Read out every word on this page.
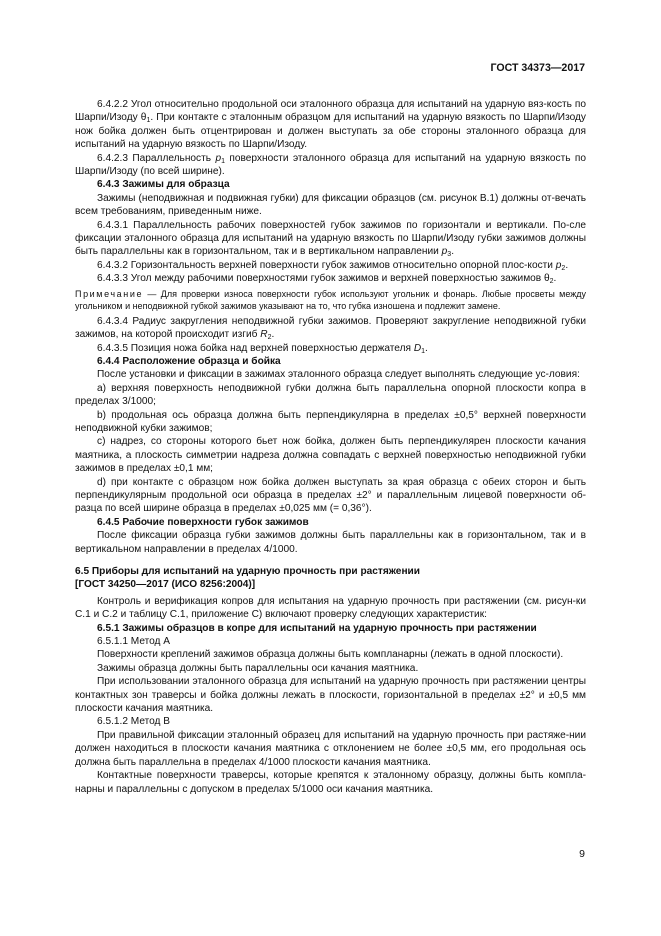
ГОСТ 34373—2017

6.4.2.2 Угол относительно продольной оси эталонного образца для испытаний на ударную вяз-кость по Шарпи/Изоду $\theta_1$. При контакте с эталонным образцом для испытаний на ударную вязкость по Шарпи/Изоду нож бойка должен быть отцентрирован и должен выступать за обе стороны эталонного образца для испытаний на ударную вязкость по Шарпи/Изоду.

6.4.2.3 Параллельность $p_1$ поверхности эталонного образца для испытаний на ударную вязкость по Шарпи/Изоду (по всей ширине).

6.4.3 Зажимы для образца

Зажимы (неподвижная и подвижная губки) для фиксации образцов (см. рисунок B.1) должны от-вечать всем требованиям, приведенным ниже.

6.4.3.1 Параллельность рабочих поверхностей губок зажимов по горизонтали и вертикали. По-сле фиксации эталонного образца для испытаний на ударную вязкость по Шарпи/Изоду губки зажимов должны быть параллельны как в горизонтальном, так и в вертикальном направлении $p_3$.

6.4.3.2 Горизонтальность верхней поверхности губок зажимов относительно опорной плос-кости $p_2$.

6.4.3.3 Угол между рабочими поверхностями губок зажимов и верхней поверхностью зажимов $\theta_2$.

Примечание — Для проверки износа поверхности губок используют угольник и фонарь. Любые просветы между угольником и неподвижной губкой зажимов указывают на то, что губка изношена и подлежит замене.

6.4.3.4 Радиус закругления неподвижной губки зажимов. Проверяют закругление неподвижной губки зажимов, на которой происходит изгиб $R_2$.

6.4.3.5 Позиция ножа бойка над верхней поверхностью держателя $D_1$.

6.4.4 Расположение образца и бойка

После установки и фиксации в зажимах эталонного образца следует выполнять следующие ус-ловия:

a) верхняя поверхность неподвижной губки должна быть параллельна опорной плоскости копра в пределах 3/1000;

b) продольная ось образца должна быть перпендикулярна в пределах ±0,5° верхней поверхности неподвижной кубки зажимов;

c) надрез, со стороны которого бьет нож бойка, должен быть перпендикулярен плоскости качания маятника, а плоскость симметрии надреза должна совпадать с верхней поверхностью неподвижной губки зажимов в пределах ±0,1 мм;

d) при контакте с образцом нож бойка должен выступать за края образца с обеих сторон и быть перпендикулярным продольной оси образца в пределах ±2° и параллельным лицевой поверхности об-разца по всей ширине образца в пределах ±0,025 мм (= 0,36°).

6.4.5 Рабочие поверхности губок зажимов

После фиксации образца губки зажимов должны быть параллельны как в горизонтальном, так и в вертикальном направлении в пределах 4/1000.

6.5 Приборы для испытаний на ударную прочность при растяжении

[ГОСТ 34250—2017 (ИСО 8256:2004)]

Контроль и верификация копров для испытания на ударную прочность при растяжении (см. рисун-ки C.1 и C.2 и таблицу C.1, приложение C) включают проверку следующих характеристик:

6.5.1 Зажимы образцов в копре для испытаний на ударную прочность при растяжении

6.5.1.1 Метод A

Поверхности креплений зажимов образца должны быть компланарны (лежать в одной плоскости).

Зажимы образца должны быть параллельны оси качания маятника.

При использовании эталонного образца для испытаний на ударную прочность при растяжении центры контактных зон траверсы и бойка должны лежать в плоскости, горизонтальной в пределах ±2° и ±0,5 мм плоскости качания маятника.

6.5.1.2 Метод B

При правильной фиксации эталонный образец для испытаний на ударную прочность при растяже-нии должен находиться в плоскости качания маятника с отклонением не более ±0,5 мм, его продольная ось должна быть параллельна в пределах 4/1000 плоскости качания маятника.

Контактные поверхности траверсы, которые крепятся к эталонному образцу, должны быть компла-нарны и параллельны с допуском в пределах 5/1000 оси качания маятника.

9
